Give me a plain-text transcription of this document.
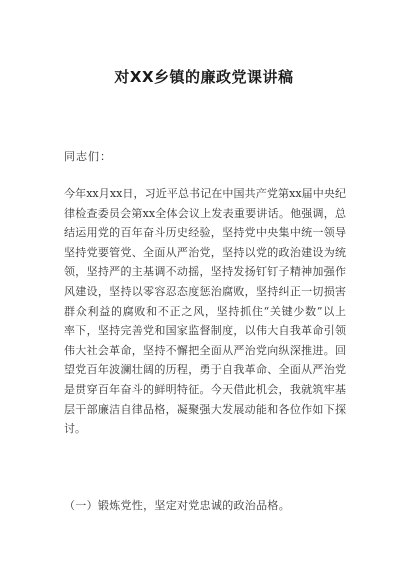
对XX乡镇的廉政党课讲稿
同志们：
今年xx月xx日，习近平总书记在中国共产党第xx届中央纪
律检查委员会第xx全体会议上发表重要讲话。他强调，总
结运用党的百年奋斗历史经验，坚持党中央集中统一领导
坚持党要管党、全面从严治党，坚持以党的政治建设为统
领，坚持严的主基调不动摇，坚持发扬钉钉子精神加强作
风建设，坚持以零容忍态度惩治腐败，坚持纠正一切损害
群众利益的腐败和不正之风，坚持抓住“关键少数”以上
率下，坚持完善党和国家监督制度，以伟大自我革命引领
伟大社会革命，坚持不懈把全面从严治党向纵深推进。回
望党百年波澜壮阔的历程，勇于自我革命、全面从严治党
是贯穿百年奋斗的鲜明特征。今天借此机会，我就筑牢基
层干部廉洁自律品格，凝聚强大发展动能和各位作如下探
讨。
（一）锻炼党性，坚定对党忠诚的政治品格。
